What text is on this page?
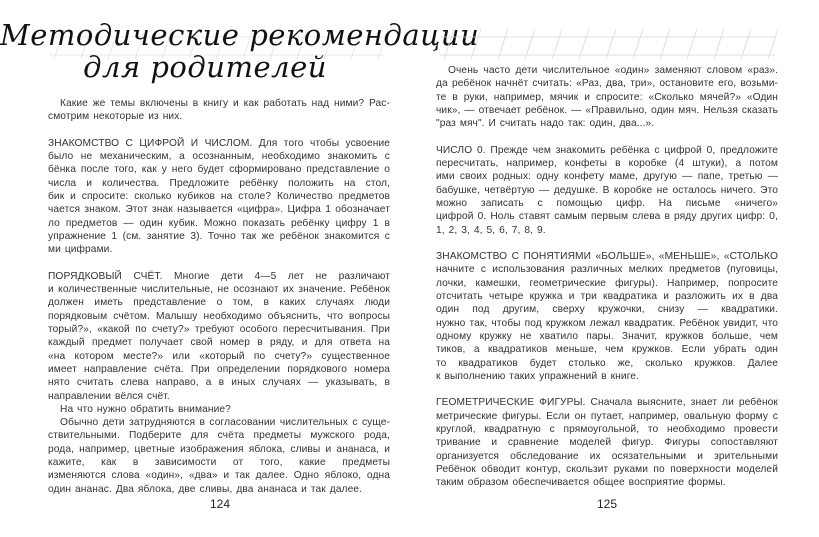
Методические рекомендации
для родителей
Какие же темы включены в книгу и как работать над ними? Рас-
смотрим некоторые из них.
ЗНАКОМСТВО С ЦИФРОЙ И ЧИСЛОМ. Для того чтобы усвоение
было не механическим, а осознанным, необходимо знакомить с
бёнка после того, как у него будет сформировано представление о
числа и количества. Предложите ребёнку положить на стол,
бик и спросите: сколько кубиков на столе? Количество предметов
чается знаком. Этот знак называется «цифра». Цифра 1 обозначает
ло предметов — один кубик. Можно показать ребёнку цифру 1 в
упражнение 1 (см. занятие 3). Точно так же ребёнок знакомится с
ми цифрами.
ПОРЯДКОВЫЙ СЧЁТ. Многие дети 4—5 лет не различают
и количественные числительные, не осознают их значение. Ребёнок
должен иметь представление о том, в каких случаях люди
порядковым счётом. Малышу необходимо объяснить, что вопросы
торый?», «какой по счету?» требуют особого пересчитывания. При
каждый предмет получает свой номер в ряду, и для ответа на
«на котором месте?» или «который по счету?» существенное
имеет направление счёта. При определении порядкового номера
нято считать слева направо, а в иных случаях — указывать, в
направлении вёлся счёт.
На что нужно обратить внимание?
Обычно дети затрудняются в согласовании числительных с суще-
ствительными. Подберите для счёта предметы мужского рода,
рода, например, цветные изображения яблока, сливы и ананаса, и
кажите, как в зависимости от того, какие предметы
изменяются слова «один», «два» и так далее. Одно яблоко, одна
один ананас. Два яблока, две сливы, два ананаса и так далее.
124
Очень часто дети числительное «один» заменяют словом «раз».
да ребёнок начнёт считать: «Раз, два, три», остановите его, возьми-
те в руки, например, мячик и спросите: «Сколько мячей?» «Один
чик», — отвечает ребёнок. — «Правильно, один мяч. Нельзя сказать
"раз мяч". И считать надо так: один, два...».
ЧИСЛО 0. Прежде чем знакомить ребёнка с цифрой 0, предложите
пересчитать, например, конфеты в коробке (4 штуки), а потом
ими своих родных: одну конфету маме, другую — папе, третью —
бабушке, четвёртую — дедушке. В коробке не осталось ничего. Это
можно записать с помощью цифр. На письме «ничего»
цифрой 0. Ноль ставят самым первым слева в ряду других цифр: 0,
1, 2, 3, 4, 5, 6, 7, 8, 9.
ЗНАКОМСТВО С ПОНЯТИЯМИ «БОЛЬШЕ», «МЕНЬШЕ», «СТОЛЬКО
начните с использования различных мелких предметов (пуговицы,
лочки, камешки, геометрические фигуры). Например, попросите
отсчитать четыре кружка и три квадратика и разложить их в два
один под другим, сверху кружочки, снизу — квадратики.
нужно так, чтобы под кружком лежал квадратик. Ребёнок увидит, что
одному кружку не хватило пары. Значит, кружков больше, чем
тиков, а квадратиков меньше, чем кружков. Если убрать один
то квадратиков будет столько же, сколько кружков. Далее
к выполнению таких упражнений в книге.
ГЕОМЕТРИЧЕСКИЕ ФИГУРЫ. Сначала выясните, знает ли ребёнок
метрические фигуры. Если он путает, например, овальную форму с
круглой, квадратную с прямоугольной, то необходимо провести
тривание и сравнение моделей фигур. Фигуры сопоставляют
организуется обследование их осязательными и зрительными
Ребёнок обводит контур, скользит руками по поверхности моделей
таким образом обеспечивается общее восприятие формы.
125
